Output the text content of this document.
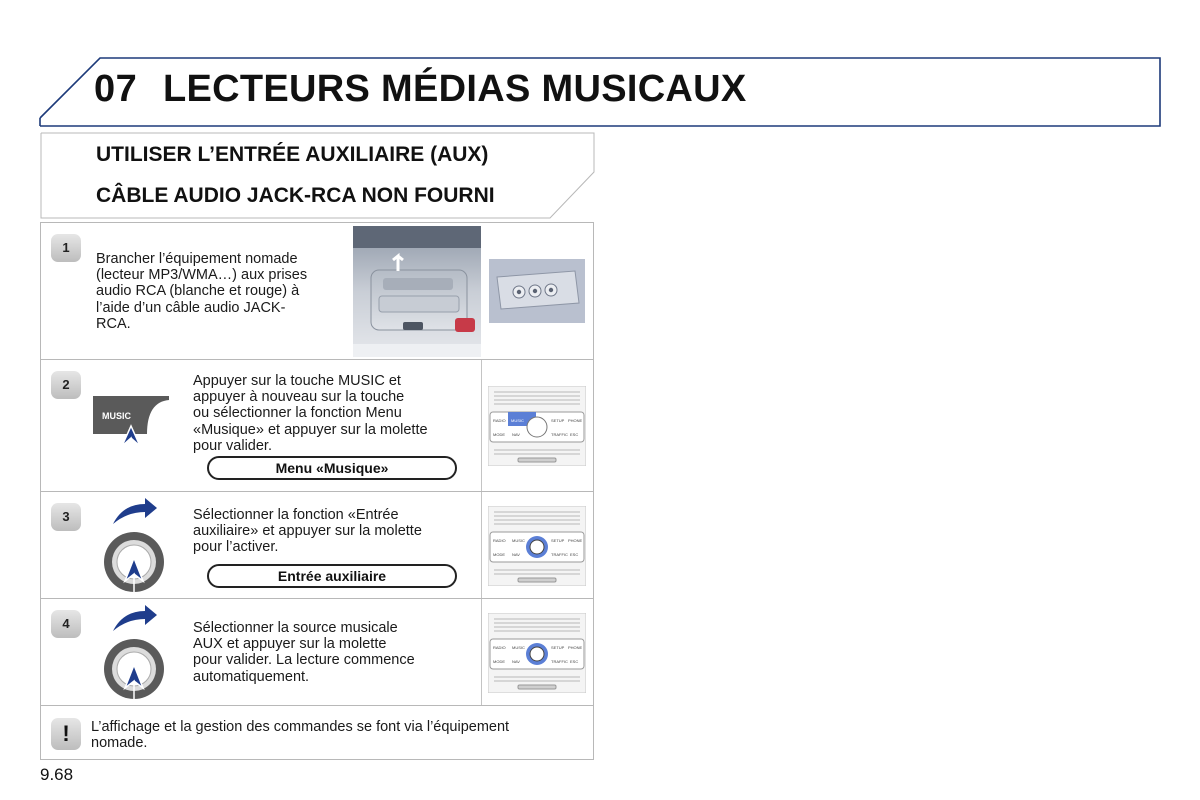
07 LECTEURS MÉDIAS MUSICAUX
UTILISER L’ENTRÉE AUXILIAIRE (AUX)
CÂBLE AUDIO JACK-RCA NON FOURNI
1
Brancher l’équipement nomade
(lecteur MP3/WMA…) aux prises
audio RCA (blanche et rouge) à
l’aide d’un câble audio JACK-
RCA.
2
MUSIC
Appuyer sur la touche MUSIC et
appuyer à nouveau sur la touche
ou sélectionner la fonction Menu
«Musique» et appuyer sur la molette
pour valider.
Menu «Musique»
RADIO MUSIC	SETUP PHONE
MODE NAV	TRAFFIC ESC
3	Sélectionner la fonction «Entrée
auxiliaire» et appuyer sur la molette
pour l’activer.
Entrée auxiliaire
RADIO MUSIC	SETUP PHONE
MODE NAV	TRAFFIC ESC
4	Sélectionner la source musicale
AUX et appuyer sur la molette
pour valider. La lecture commence
automatiquement.
RADIO MUSIC	SETUP PHONE
MODE NAV	TRAFFIC ESC
!	L’affichage et la gestion des commandes se font via l’équipement
nomade.
9.68
